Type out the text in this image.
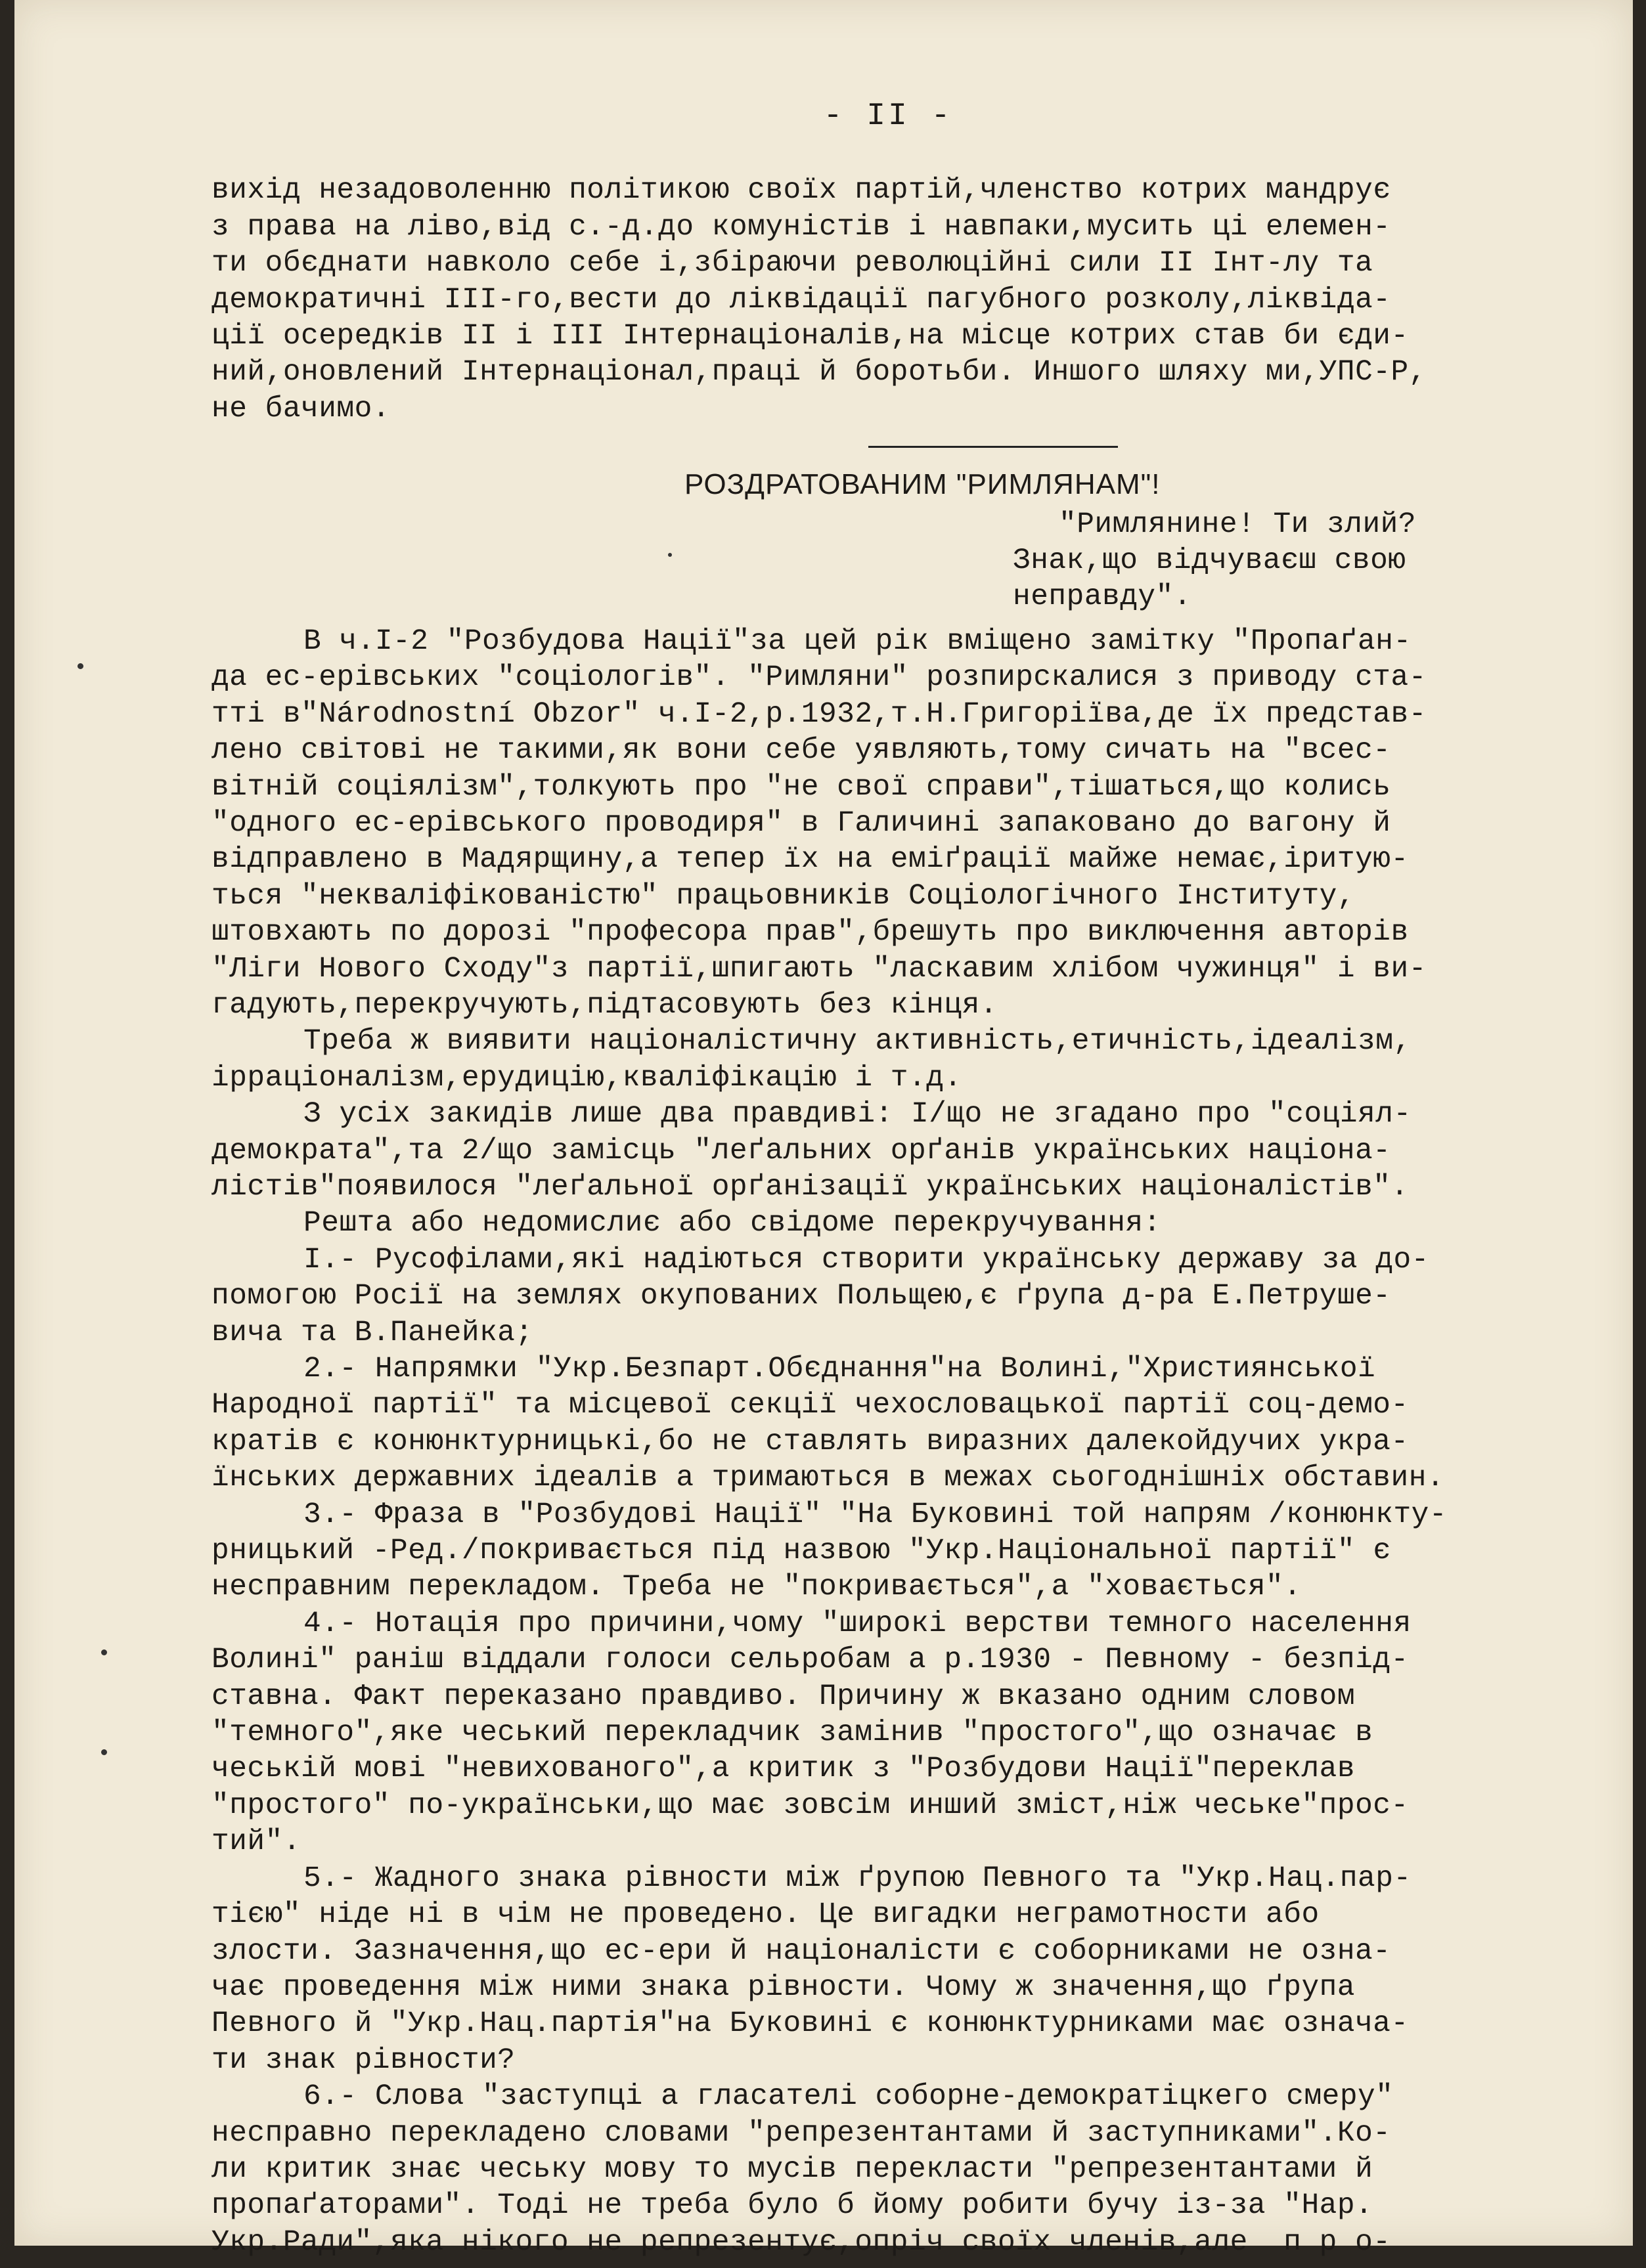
- II -
вихід незадоволенню політикою своїх партій,членство котрих мандрує
з права на ліво,від с.-д.до комуністів і навпаки,мусить ці елемен-
ти обєднати навколо себе і,збіраючи революційні сили II Інт-лу та
демократичні III-го,вести до ліквідації пагубного розколу,ліквіда-
ції осередків II і III Інтернаціоналів,на місце котрих став би єди-
ний,оновлений Інтернаціонал,праці й боротьби. Иншого шляху ми,УПС-Р,
не бачимо.
РОЗДРАТОВАНИМ "РИМЛЯНАМ"!
"Римлянине! Ти злий?
Знак,що відчуваєш свою
неправду".
В ч.I-2 "Розбудова Нації"за цей рік вміщено замітку "Пропаґан-
да ес-ерівських "соціологів". "Римляни" розпирскалися з приводу ста-
тті в"Národnostní Obzor" ч.I-2,р.1932,т.Н.Григоріїва,де їх представ-
лено світові не такими,як вони себе уявляють,тому сичать на "всес-
вітній соціялізм",толкують про "не свої справи",тішаться,що колись
"одного ес-ерівського проводиря" в Галичині запаковано до вагону й
відправлено в Мадярщину,а тепер їх на еміґрації майже немає,іритую-
ться "некваліфікованістю" працьовників Соціологічного Інституту,
штовхають по дорозі "професора прав",брешуть про виключення авторів
"Ліги Нового Сходу"з партії,шпигають "ласкавим хлібом чужинця" і ви-
гадують,перекручують,підтасовують без кінця.
Треба ж виявити націоналістичну активність,етичність,ідеалізм,
ірраціоналізм,ерудицію,кваліфікацію і т.д.
З усіх закидів лише два правдиві: I/що не згадано про "соціял-
демократа",та 2/що замісць "леґальних орґанів українських націона-
лістів"появилося "леґальної орґанізації українських націоналістів".
Решта або недомислиє або свідоме перекручування:
I.- Русофілами,які надіються створити українську державу за до-
помогою Росії на землях окупованих Польщею,є ґрупа д-ра Е.Петруше-
вича та В.Панейка;
2.- Напрямки "Укр.Безпарт.Обєднання"на Волині,"Християнської
Народної партії" та місцевої секції чехословацької партії соц-демо-
кратів є конюнктурницькі,бо не ставлять виразних далекойдучих укра-
їнських державних ідеалів а тримаються в межах сьогоднішніх обставин.
3.- Фраза в "Розбудові Нації" "На Буковині той напрям /конюнкту-
рницький -Ред./покривається під назвою "Укр.Національної партії" є
несправним перекладом. Треба не "покривається",а "ховається".
4.- Нотація про причини,чому "широкі верстви темного населення
Волині" раніш віддали голоси сельробам а р.1930 - Певному - безпід-
ставна. Факт переказано правдиво. Причину ж вказано одним словом
"темного",яке чеський перекладчик замінив "простого",що означає в
чеській мові "невихованого",а критик з "Розбудови Нації"переклав
"простого" по-українськи,що має зовсім инший зміст,ніж чеське"прос-
тий".
5.- Жадного знака рівности між ґрупою Певного та "Укр.Нац.пар-
тією" ніде ні в чім не проведено. Це вигадки неграмотности або
злости. Зазначення,що ес-ери й націоналісти є соборниками не озна-
чає проведення між ними знака рівности. Чому ж значення,що ґрупа
Певного й "Укр.Нац.партія"на Буковині є конюнктурниками має означа-
ти знак рівности?
6.- Слова "заступці а гласателі соборне-демократіцкего смеру"
несправно перекладено словами "репрезентантами й заступниками".Ко-
ли критик знає чеську мову то мусів перекласти "репрезентантами й
пропаґаторами". Тоді не треба було б йому робити бучу із-за "Нар.
Укр.Ради",яка нікого не репрезентує,опріч своїх членів,але  п р о-
